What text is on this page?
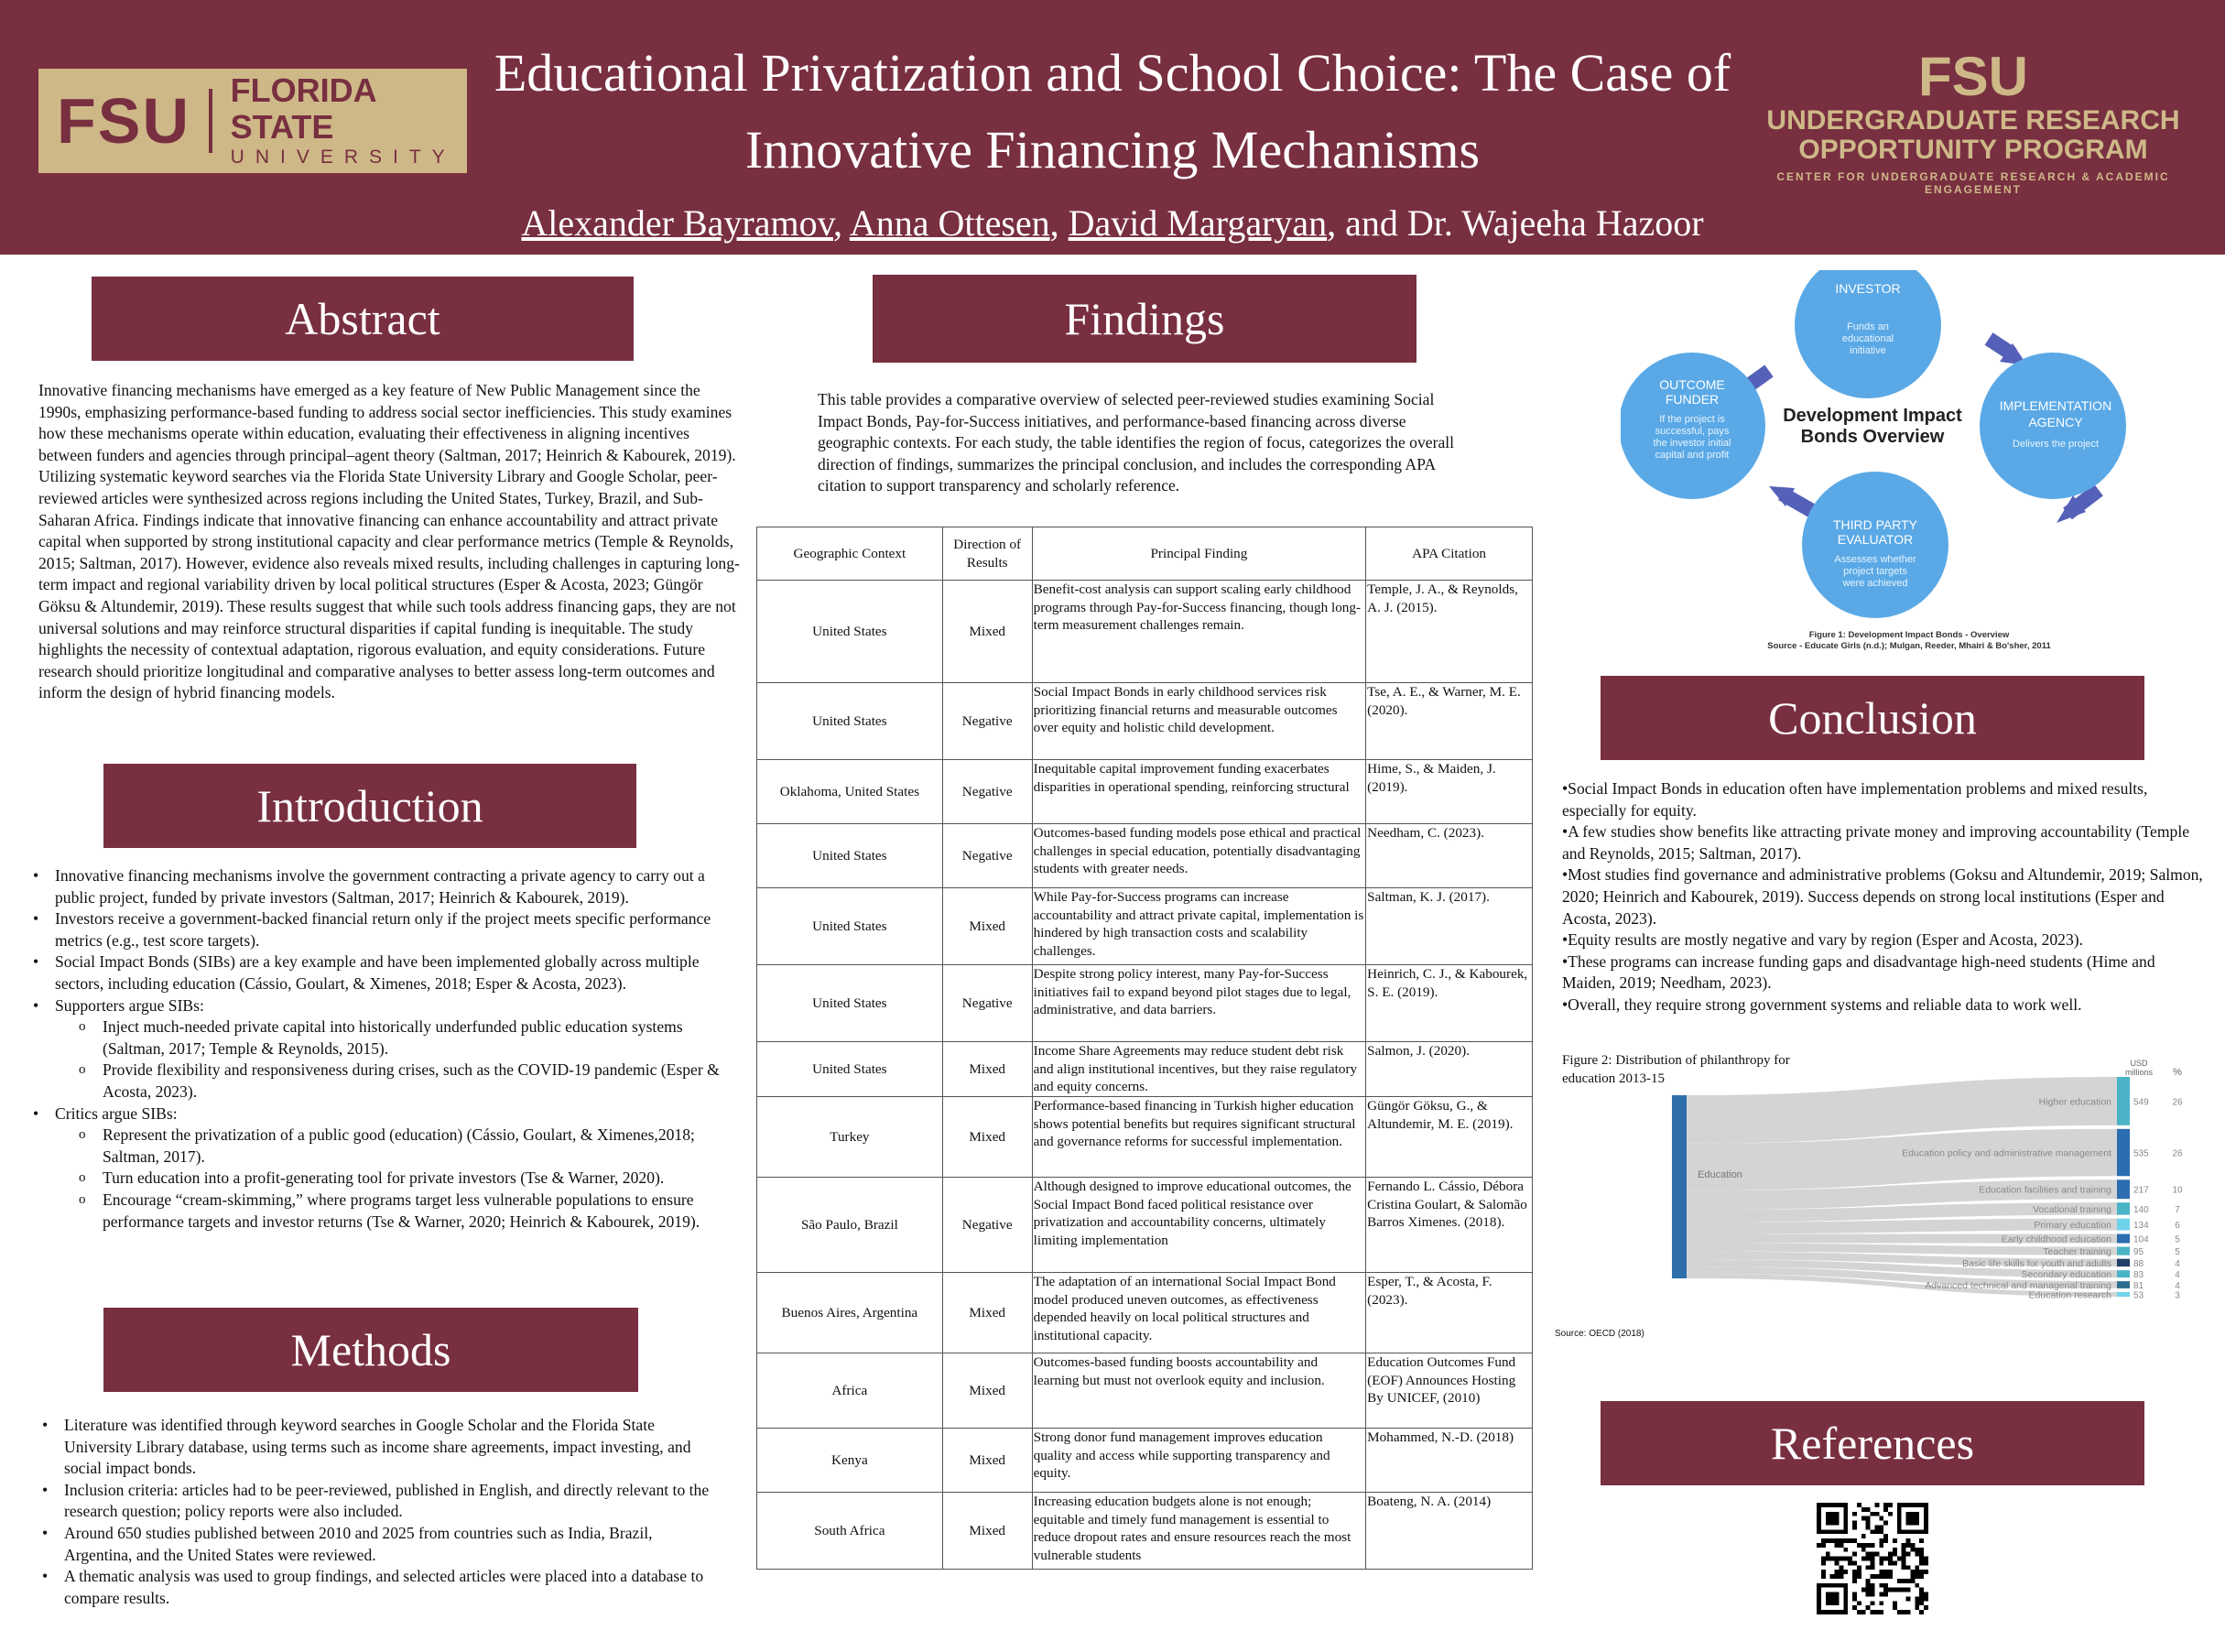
FSU FLORIDA STATE
UNIVERSITY
Educational Privatization and School Choice: The Case of Innovative Financing Mechanisms
Alexander Bayramov, Anna Ottesen, David Margaryan, and Dr. Wajeeha Hazoor
FSU
UNDERGRADUATE RESEARCH
OPPORTUNITY PROGRAM
CENTER FOR UNDERGRADUATE RESEARCH & ACADEMIC ENGAGEMENT
Abstract

Innovative financing mechanisms have emerged as a key feature of New Public Management since the 1990s, emphasizing performance-based funding to address social sector inefficiencies. This study examines how these mechanisms operate within education, evaluating their effectiveness in aligning incentives between funders and agencies through principal–agent theory (Saltman, 2017; Heinrich & Kabourek, 2019). Utilizing systematic keyword searches via the Florida State University Library and Google Scholar, peer-reviewed articles were synthesized across regions including the United States, Turkey, Brazil, and Sub-Saharan Africa. Findings indicate that innovative financing can enhance accountability and attract private capital when supported by strong institutional capacity and clear performance metrics (Temple & Reynolds, 2015; Saltman, 2017). However, evidence also reveals mixed results, including challenges in capturing long-term impact and regional variability driven by local political structures (Esper & Acosta, 2023; Güngör Göksu & Altundemir, 2019). These results suggest that while such tools address financing gaps, they are not universal solutions and may reinforce structural disparities if capital funding is inequitable. The study highlights the necessity of contextual adaptation, rigorous evaluation, and equity considerations. Future research should prioritize longitudinal and comparative analyses to better assess long-term outcomes and inform the design of hybrid financing models.

Introduction
• Innovative financing mechanisms involve the government contracting a private agency to carry out a public project, funded by private investors (Saltman, 2017; Heinrich & Kabourek, 2019).
• Investors receive a government-backed financial return only if the project meets specific performance metrics (e.g., test score targets).
• Social Impact Bonds (SIBs) are a key example and have been implemented globally across multiple sectors, including education (Cássio, Goulart, & Ximenes, 2018; Esper & Acosta, 2023).
• Supporters argue SIBs:
o Inject much-needed private capital into historically underfunded public education systems (Saltman, 2017; Temple & Reynolds, 2015).
o Provide flexibility and responsiveness during crises, such as the COVID-19 pandemic (Esper & Acosta, 2023).
• Critics argue SIBs:
o Represent the privatization of a public good (education) (Cássio, Goulart, & Ximenes,2018; Saltman, 2017).
o Turn education into a profit-generating tool for private investors (Tse & Warner, 2020).
o Encourage “cream-skimming,” where programs target less vulnerable populations to ensure performance targets and investor returns (Tse & Warner, 2020; Heinrich & Kabourek, 2019).
Methods
• Literature was identified through keyword searches in Google Scholar and the Florida State University Library database, using terms such as income share agreements, impact investing, and social impact bonds.
• Inclusion criteria: articles had to be peer-reviewed, published in English, and directly relevant to the research question; policy reports were also included.
• Around 650 studies published between 2010 and 2025 from countries such as India, Brazil, Argentina, and the United States were reviewed.
• A thematic analysis was used to group findings, and selected articles were placed into a database to compare results.
Findings

This table provides a comparative overview of selected peer-reviewed studies examining Social Impact Bonds, Pay-for-Success initiatives, and performance-based financing across diverse geographic contexts. For each study, the table identifies the region of focus, categorizes the overall direction of findings, summarizes the principal conclusion, and includes the corresponding APA citation to support transparency and scholarly reference.

Geographic Context	Direction of Results	Principal Finding	APA Citation
United States	Mixed	Benefit-cost analysis can support scaling early childhood programs through Pay-for-Success financing, though long-term measurement challenges remain.	Temple, J. A., & Reynolds, A. J. (2015).
United States	Negative	Social Impact Bonds in early childhood services risk prioritizing financial returns and measurable outcomes over equity and holistic child development.	Tse, A. E., & Warner, M. E. (2020).
Oklahoma, United States	Negative	Inequitable capital improvement funding exacerbates disparities in operational spending, reinforcing structural	Hime, S., & Maiden, J. (2019).
United States	Negative	Outcomes-based funding models pose ethical and practical challenges in special education, potentially disadvantaging students with greater needs.	Needham, C. (2023).
United States	Mixed	While Pay-for-Success programs can increase accountability and attract private capital, implementation is hindered by high transaction costs and scalability challenges.	Saltman, K. J. (2017).
United States	Negative	Despite strong policy interest, many Pay-for-Success initiatives fail to expand beyond pilot stages due to legal, administrative, and data barriers.	Heinrich, C. J., & Kabourek, S. E. (2019).
United States	Mixed	Income Share Agreements may reduce student debt risk and align institutional incentives, but they raise regulatory and equity concerns.	Salmon, J. (2020).
Turkey	Mixed	Performance-based financing in Turkish higher education shows potential benefits but requires significant structural and governance reforms for successful implementation.	Güngör Göksu, G., & Altundemir, M. E. (2019).
São Paulo, Brazil	Negative	Although designed to improve educational outcomes, the Social Impact Bond faced political resistance over privatization and accountability concerns, ultimately limiting implementation	Fernando L. Cássio, Débora Cristina Goulart, & Salomão Barros Ximenes. (2018).
Buenos Aires, Argentina	Mixed	The adaptation of an international Social Impact Bond model produced uneven outcomes, as effectiveness depended heavily on local political structures and institutional capacity.	Esper, T., & Acosta, F. (2023).
Africa	Mixed	Outcomes-based funding boosts accountability and learning but must not overlook equity and inclusion.	Education Outcomes Fund (EOF) Announces Hosting By UNICEF, (2010)
Kenya	Mixed	Strong donor fund management improves education quality and access while supporting transparency and equity.	Mohammed, N.-D. (2018)
South Africa	Mixed	Increasing education budgets alone is not enough; equitable and timely fund management is essential to reduce dropout rates and ensure resources reach the most vulnerable students	Boateng, N. A. (2014)
INVESTOR
Funds an
educational
initiative
IMPLEMENTATION
AGENCY
Delivers the project
THIRD PARTY
EVALUATOR
Assesses whether
project targets
were achieved
OUTCOME
FUNDER
If the project is
successful, pays
the investor initial
capital and profit
Development Impact
Bonds Overview
Figure 1: Development Impact Bonds - Overview
Source - Educate Girls (n.d.); Mulgan, Reeder, Mhairi & Bo'sher, 2011
Conclusion

•Social Impact Bonds in education often have implementation problems and mixed results, especially for equity.

•A few studies show benefits like attracting private money and improving accountability (Temple and Reynolds, 2015; Saltman, 2017).

•Most studies find governance and administrative problems (Goksu and Altundemir, 2019; Salmon, 2020; Heinrich and Kabourek, 2019). Success depends on strong local institutions (Esper and Acosta, 2023).

•Equity results are mostly negative and vary by region (Esper and Acosta, 2023).

•These programs can increase funding gaps and disadvantage high-need students (Hime and Maiden, 2019; Needham, 2023).

•Overall, they require strong government systems and reliable data to work well.

Figure 2: Distribution of philanthropy for education 2013-15
Education
Higher education 549	26
Education policy and administrative management 535	26
Education facilities and training 217	10
Vocational training 140	7
Primary education 134	6
Early childhood education 104	5
Teacher training 95	5
Basic life skills for youth and adults 88	4
Secondary education 83	4
Advanced technical and managerial training 81	4
Education research 53	3
USD
millions %
Source: OECD (2018)
References
